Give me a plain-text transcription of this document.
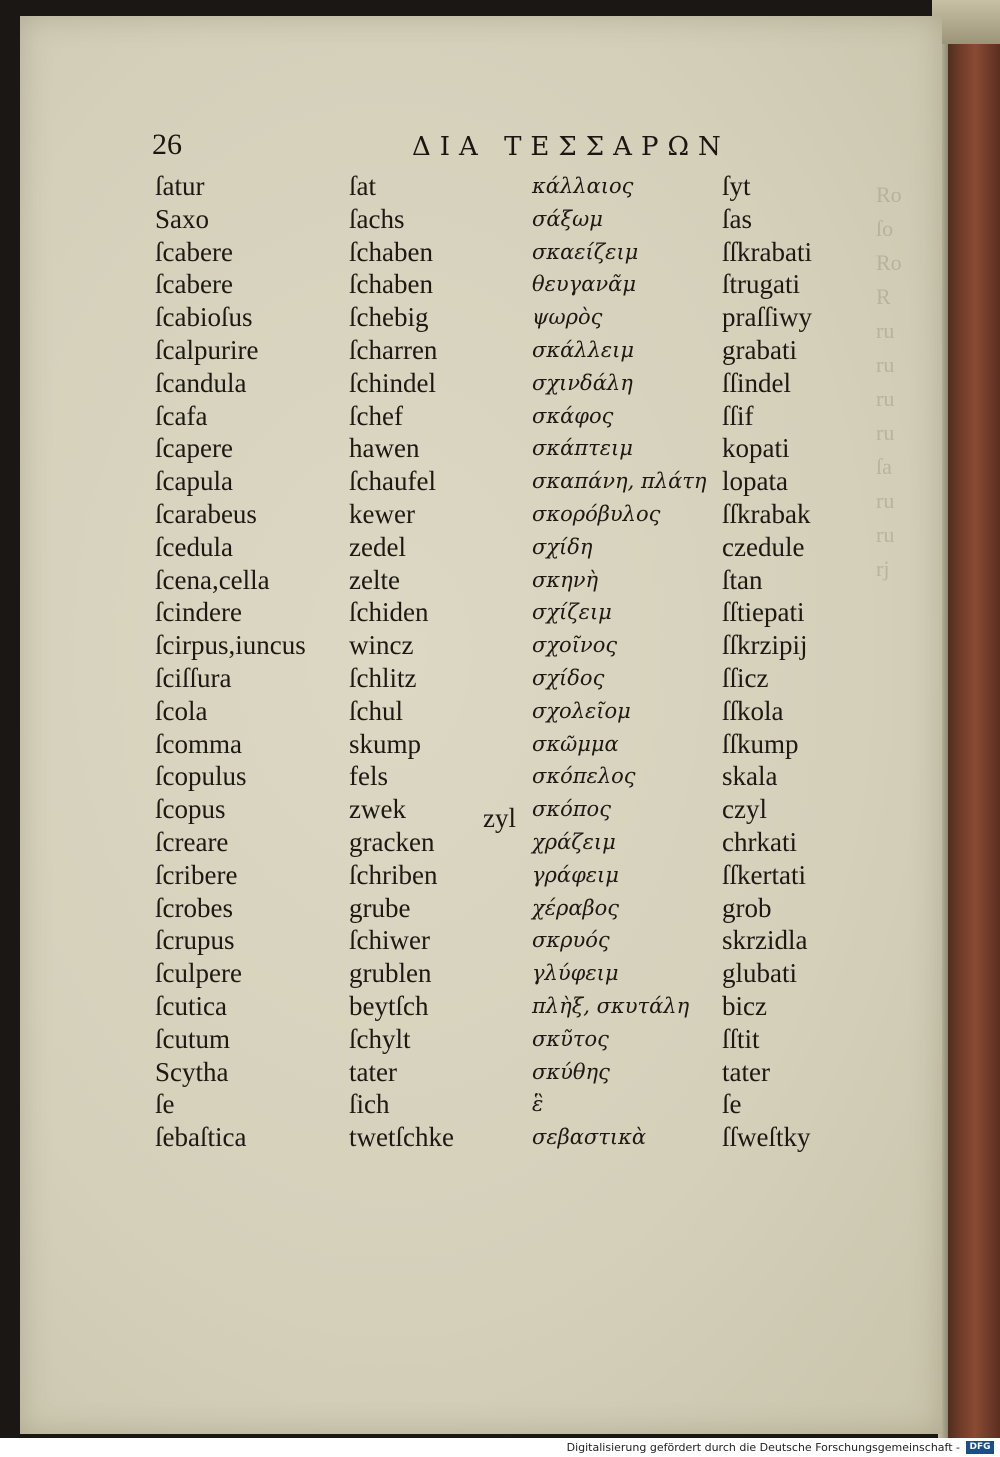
Ro
ſo
Ro
R
ru
ru
ru
ru
ſa
ru
ru
rj
26	ΔΙΑ ΤΕΣΣΑΡΩΝ
ſatur
Saxo
ſcabere
ſcabere
ſcabioſus
ſcalpurire
ſcandula
ſcafa
ſcapere
ſcapula
ſcarabeus
ſcedula
ſcena,cella
ſcindere
ſcirpus,iuncus
ſciſſura
ſcola
ſcomma
ſcopulus
ſcopus
ſcreare
ſcribere
ſcrobes
ſcrupus
ſculpere
ſcutica
ſcutum
Scytha
ſe
ſebaſtica
ſat
ſachs
ſchaben
ſchaben
ſchebig
ſcharren
ſchindel
ſchef
hawen
ſchaufel
kewer
zedel
zelte
ſchiden
wincz
ſchlitz
ſchul
skump
fels
zwek
gracken
ſchriben
grube
ſchiwer
grublen
beytſch
ſchylt
tater
ſich
twetſchke
κάλλαιος
σάξωμ
σκαείζειμ
θευγανᾶμ
ψωρὸς
σκάλλειμ
σχινδάλη
σκάφος
σκάπτειμ
σκαπάνη, πλάτη
σκορόβυλος
σχίδη
σκηνὴ
σχίζειμ
σχοῖνος
σχίδος
σχολεῖομ
σκῶμμα
σκόπελος
σκόπος
χράζειμ
γράφειμ
χέραβος
σκρυός
γλύφειμ
πλὴξ, σκυτάλη
σκῦτος
σκύθης
ἓ
σεβαστικὰ
ſyt
ſas
ſſkrabati
ſtrugati
praſſiwy
grabati
ſſindel
ſſif
kopati
lopata
ſſkrabak
czedule
ſtan
ſſtiepati
ſſkrzipij
ſſicz
ſſkola
ſſkump
skala
czyl
chrkati
ſſkertati
grob
skrzidla
glubati
bicz
ſſtit
tater
ſe
ſſweſtky
zyl
Digitalisierung gefördert durch die Deutsche Forschungsgemeinschaft -	DFG
